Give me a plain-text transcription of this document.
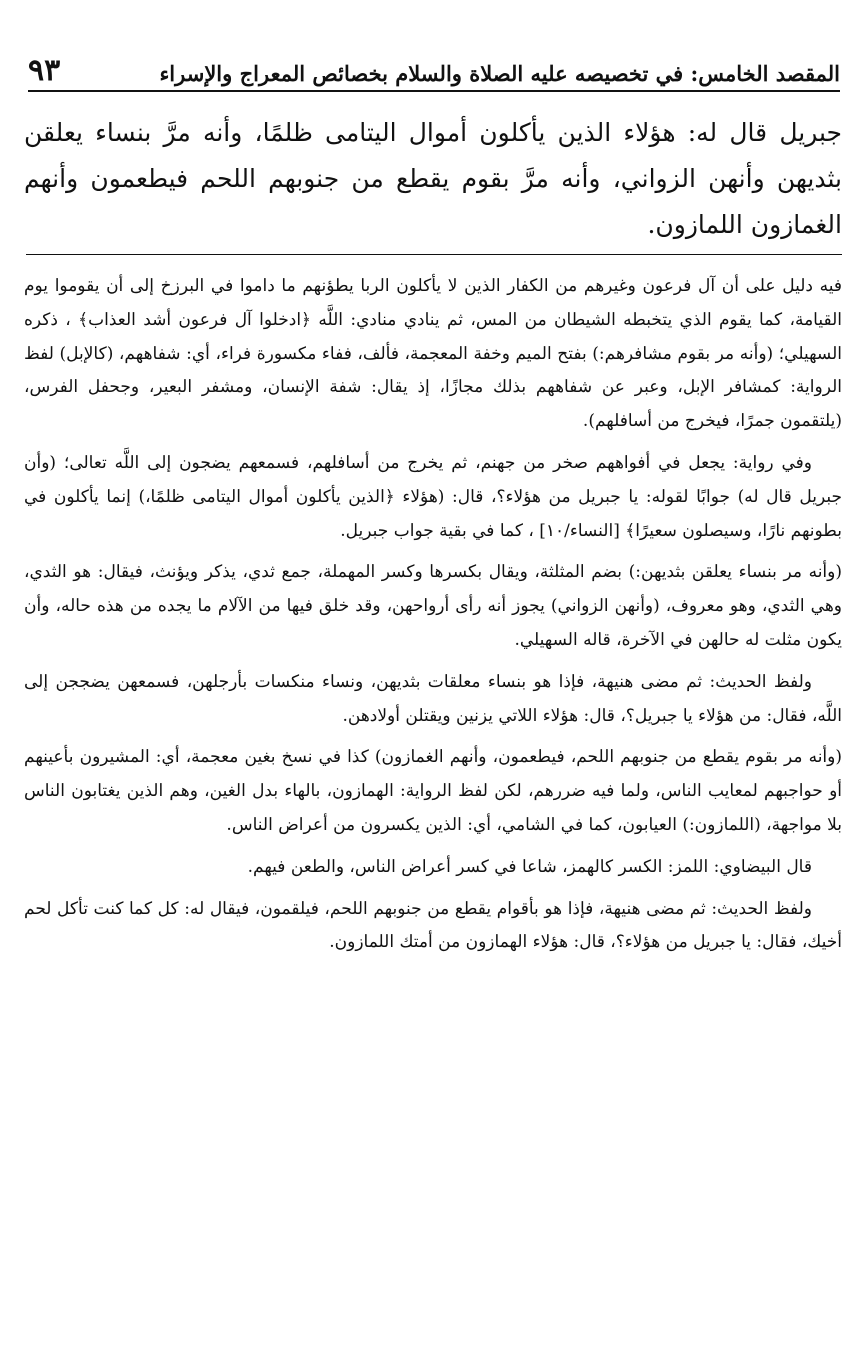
المقصد الخامس: في تخصيصه عليه الصلاة والسلام بخصائص المعراج والإسراء
٩٣
جبريل قال له: هؤلاء الذين يأكلون أموال اليتامى ظلمًا، وأنه مرَّ بنساء يعلقن بثديهن وأنهن الزواني، وأنه مرَّ بقوم يقطع من جنوبهم اللحم فيطعمون وأنهم الغمازون اللمازون.

فيه دليل على أن آل فرعون وغيرهم من الكفار الذين لا يأكلون الربا يطؤنهم ما داموا في البرزخ إلى أن يقوموا يوم القيامة، كما يقوم الذي يتخبطه الشيطان من المس، ثم ينادي منادي: اللَّه ﴿ادخلوا آل فرعون أشد العذاب﴾ ، ذكره السهيلي؛ (وأنه مر بقوم مشافرهم:) بفتح الميم وخفة المعجمة، فألف، ففاء مكسورة فراء، أي: شفاههم، (كالإبل) لفظ الرواية: كمشافر الإبل، وعبر عن شفاههم بذلك مجازًا، إذ يقال: شفة الإنسان، ومشفر البعير، وجحفل الفرس، (يلتقمون جمرًا، فيخرج من أسافلهم).

وفي رواية: يجعل في أفواههم صخر من جهنم، ثم يخرج من أسافلهم، فسمعهم يضجون إلى اللَّه تعالى؛ (وأن جبريل قال له) جوابًا لقوله: يا جبريل من هؤلاء؟، قال: (هؤلاء ﴿الذين يأكلون أموال اليتامى ظلمًا،) إنما يأكلون في بطونهم نارًا، وسيصلون سعيرًا﴾ [النساء/١٠] ، كما في بقية جواب جبريل.

(وأنه مر بنساء يعلقن بثديهن:) بضم المثلثة، ويقال بكسرها وكسر المهملة، جمع ثدي، يذكر ويؤنث، فيقال: هو الثدي، وهي الثدي، وهو معروف، (وأنهن الزواني) يجوز أنه رأى أرواحهن، وقد خلق فيها من الآلام ما يجده من هذه حاله، وأن يكون مثلت له حالهن في الآخرة، قاله السهيلي.

ولفظ الحديث: ثم مضى هنيهة، فإذا هو بنساء معلقات بثديهن، ونساء منكسات بأرجلهن، فسمعهن يضججن إلى اللَّه، فقال: من هؤلاء يا جبريل؟، قال: هؤلاء اللاتي يزنين ويقتلن أولادهن.

(وأنه مر بقوم يقطع من جنوبهم اللحم، فيطعمون، وأنهم الغمازون) كذا في نسخ بغين معجمة، أي: المشيرون بأعينهم أو حواجبهم لمعايب الناس، ولما فيه ضررهم، لكن لفظ الرواية: الهمازون، بالهاء بدل الغين، وهم الذين يغتابون الناس بلا مواجهة، (اللمازون:) العيابون، كما في الشامي، أي: الذين يكسرون من أعراض الناس.

قال البيضاوي: اللمز: الكسر كالهمز، شاعا في كسر أعراض الناس، والطعن فيهم.

ولفظ الحديث: ثم مضى هنيهة، فإذا هو بأقوام يقطع من جنوبهم اللحم، فيلقمون، فيقال له: كل كما كنت تأكل لحم أخيك، فقال: يا جبريل من هؤلاء؟، قال: هؤلاء الهمازون من أمتك اللمازون.
